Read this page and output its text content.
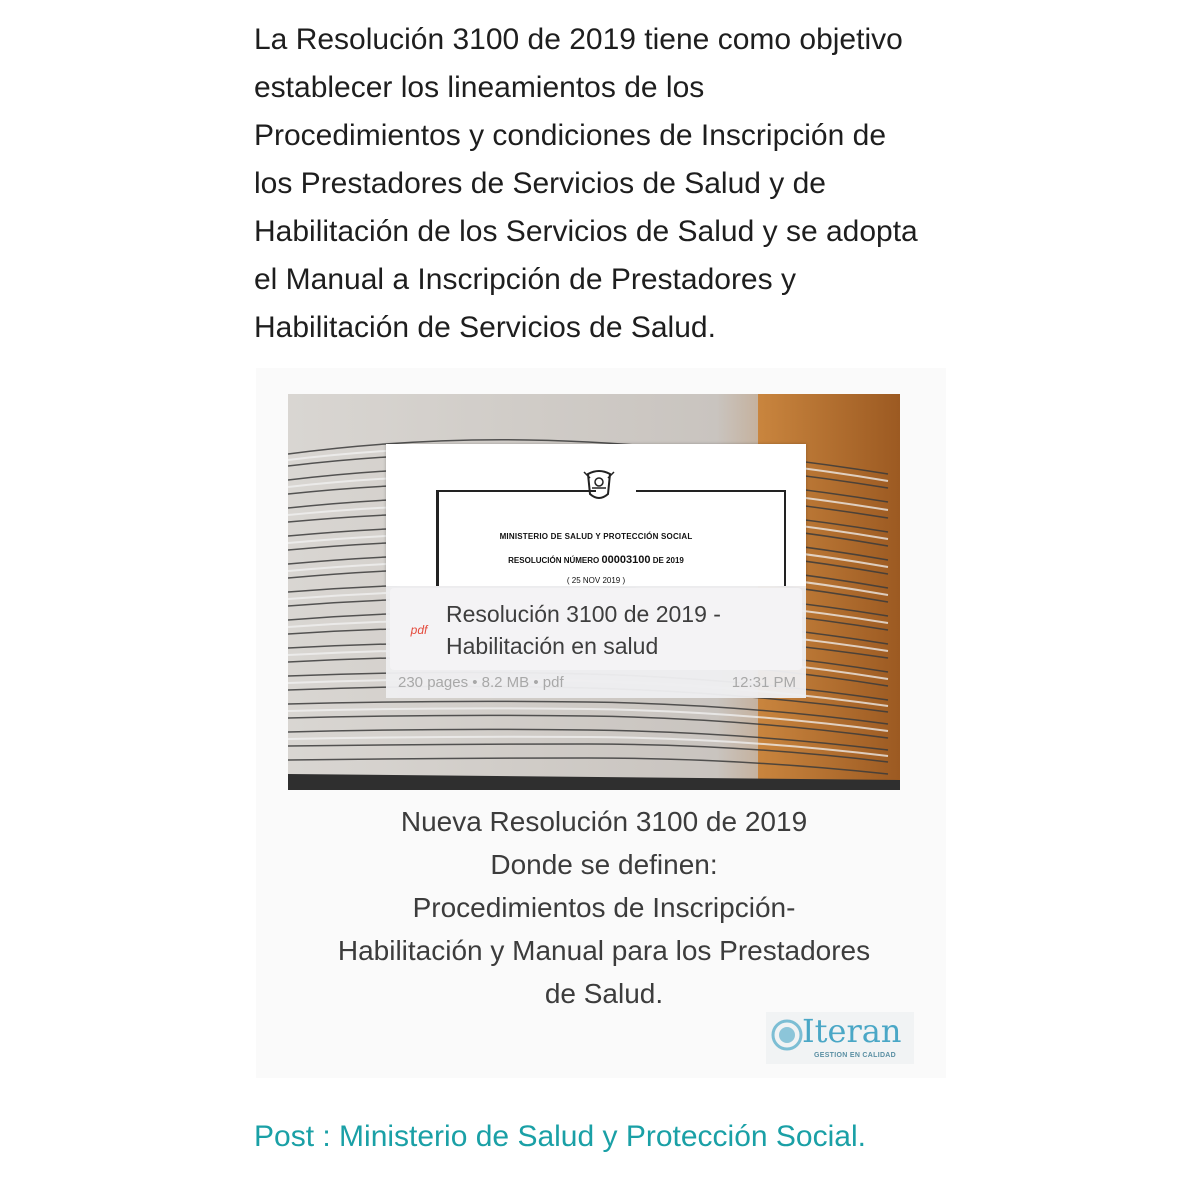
La Resolución 3100 de 2019 tiene como objetivo
establecer los lineamientos de los
Procedimientos y condiciones de Inscripción de
los Prestadores de Servicios de Salud y de
Habilitación de los Servicios de Salud y se adopta
el Manual a Inscripción de Prestadores y
Habilitación de Servicios de Salud.
MINISTERIO DE SALUD Y PROTECCIÓN SOCIAL
RESOLUCIÓN NÚMERO 00003100 DE 2019
( 25 NOV 2019 )
pdf
Resolución 3100 de 2019 -
Habilitación en salud
230 pages • 8.2 MB • pdf	12:31 PM
Nueva Resolución 3100 de 2019
Donde se definen:
Procedimientos de Inscripción-
Habilitación y Manual para los Prestadores
de Salud.
Iteran
GESTION EN CALIDAD
Post : Ministerio de Salud y Protección Social.
